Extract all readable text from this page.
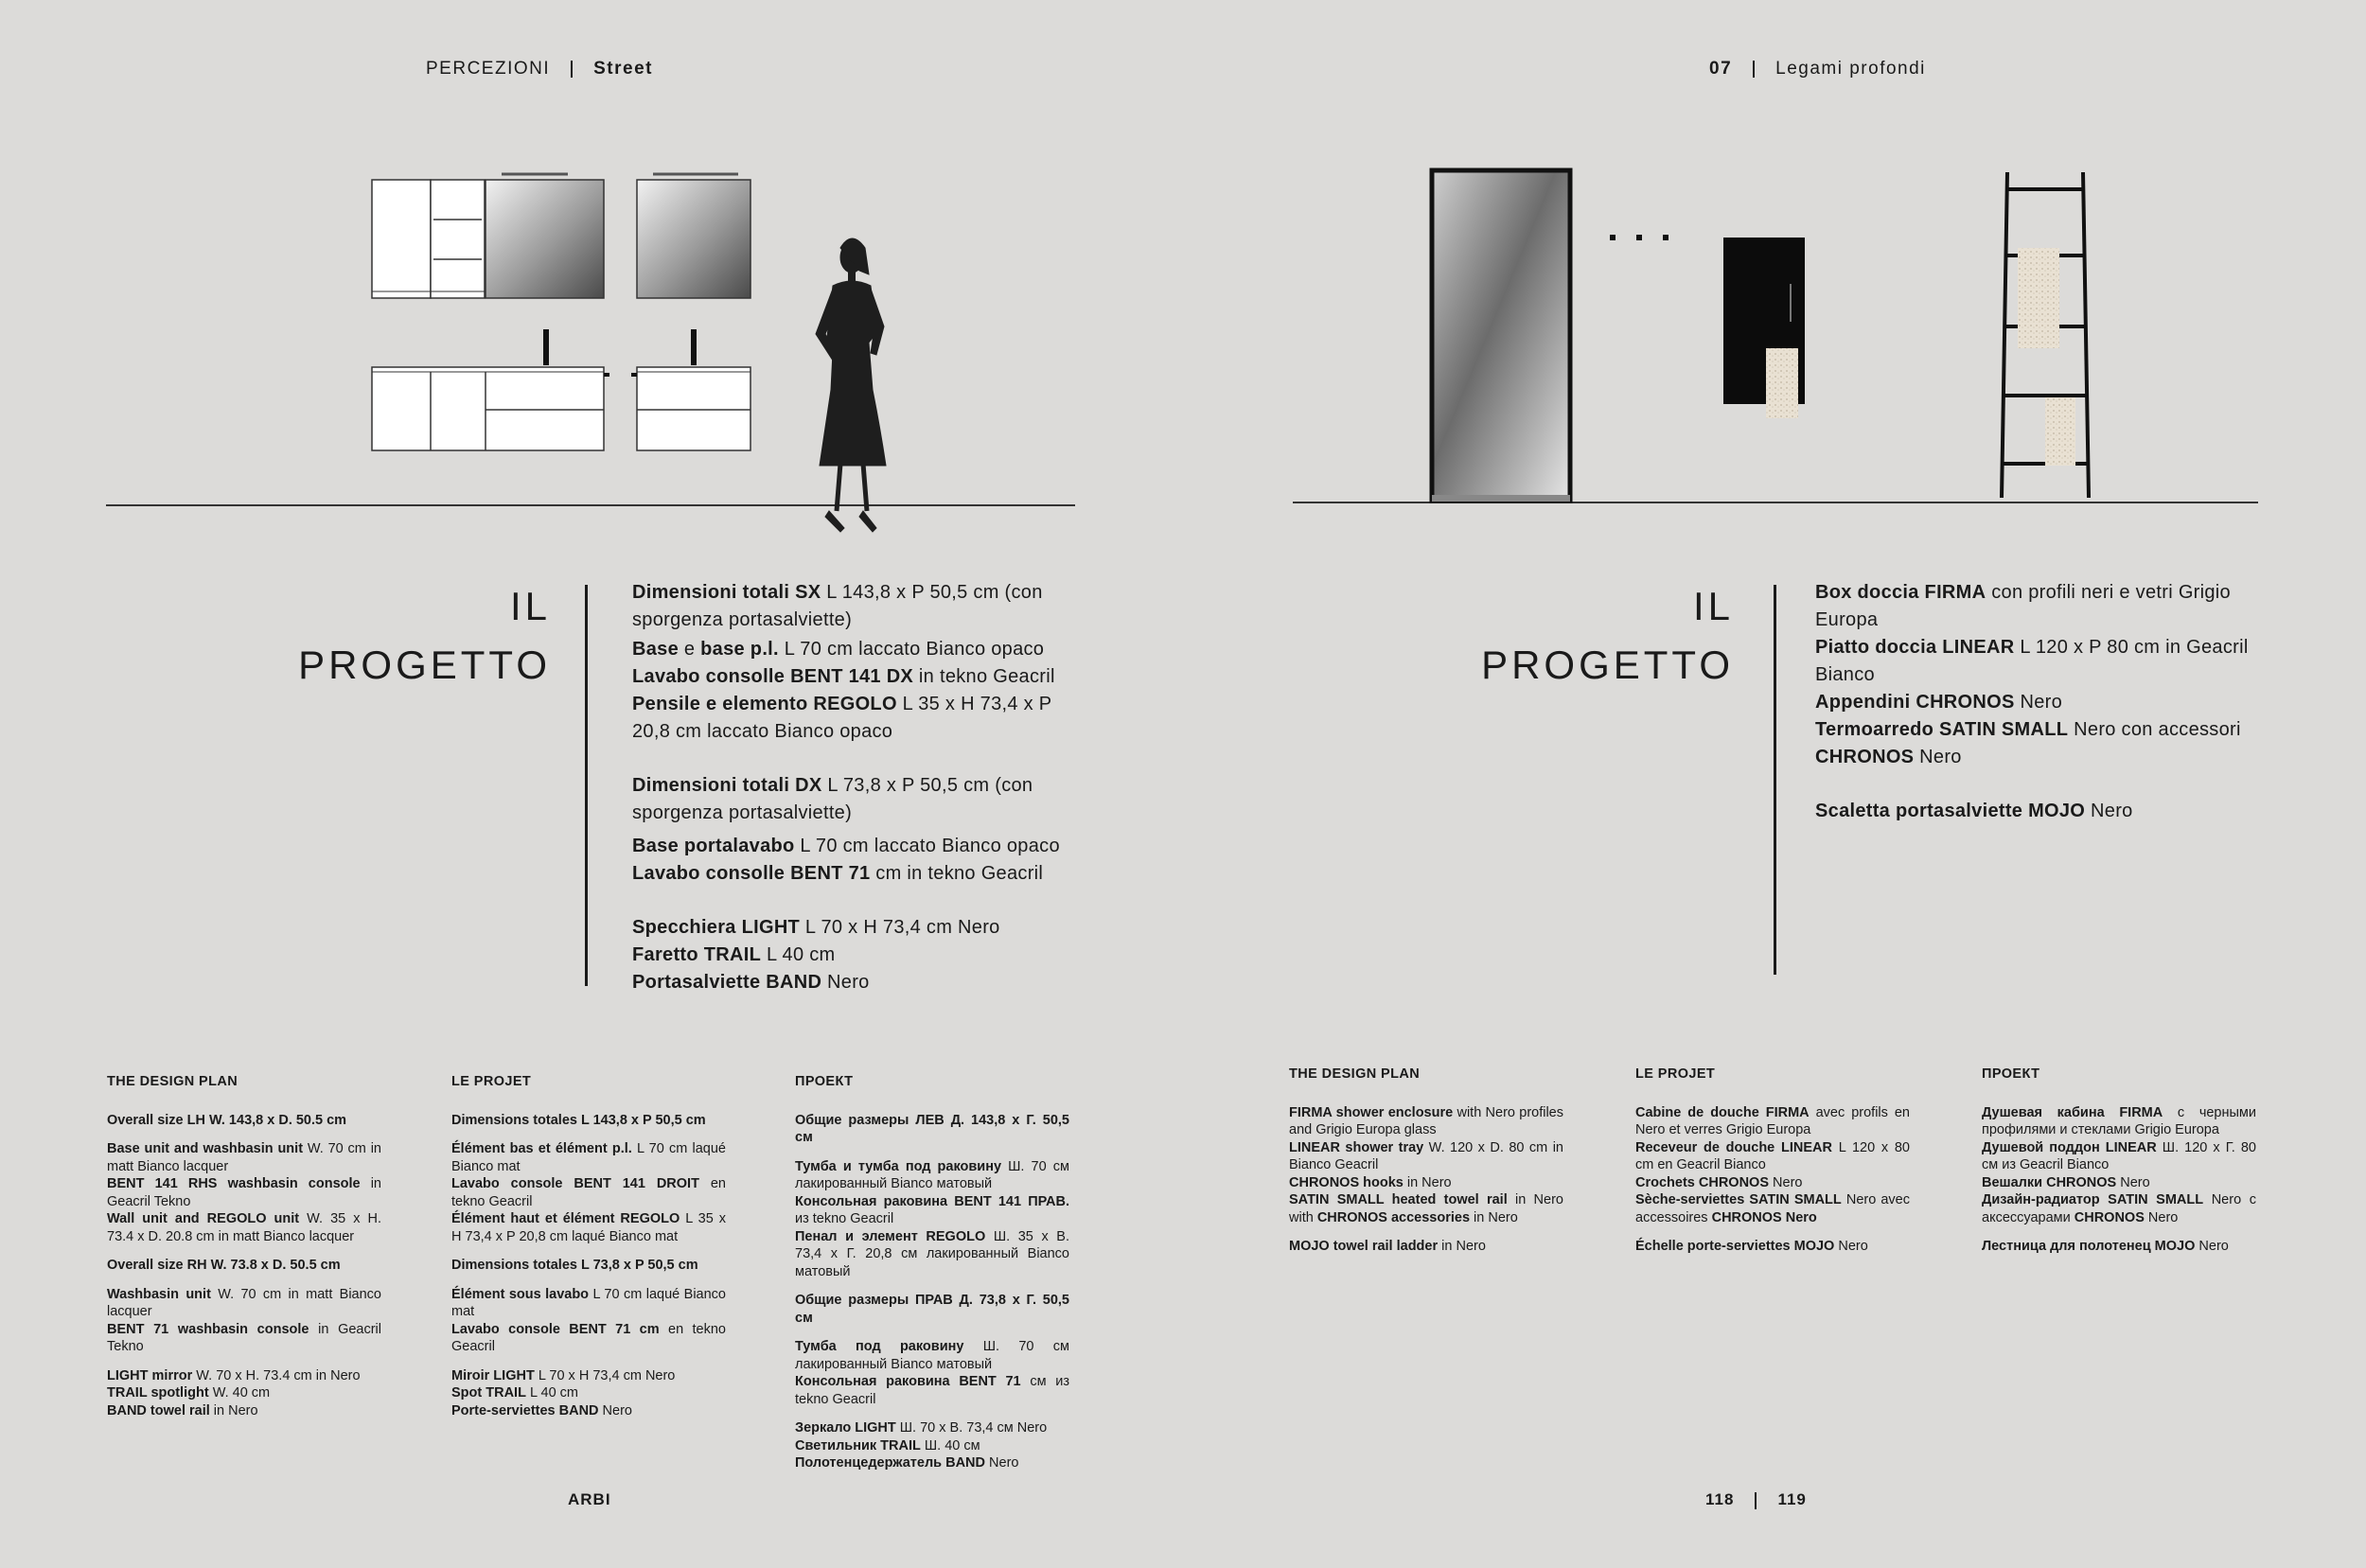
PERCEZIONI Street	07 Legami profondi
IL
PROGETTO

Dimensioni totali SX L 143,8 x P 50,5 cm (con sporgenza portasalviette)

Base e base p.l. L 70 cm laccato Bianco opaco

Lavabo consolle BENT 141 DX in tekno Geacril

Pensile e elemento REGOLO L 35 x H 73,4 x P 20,8 cm laccato Bianco opaco

Dimensioni totali DX L 73,8 x P 50,5 cm (con sporgenza portasalviette)

Base portalavabo L 70 cm laccato Bianco opaco

Lavabo consolle BENT 71 cm in tekno Geacril

Specchiera LIGHT L 70 x H 73,4 cm Nero

Faretto TRAIL L 40 cm

Portasalviette BAND Nero

IL
PROGETTO

Box doccia FIRMA con profili neri e vetri Grigio Europa

Piatto doccia LINEAR L 120 x P 80 cm in Geacril Bianco

Appendini CHRONOS Nero

Termoarredo SATIN SMALL Nero con accessori CHRONOS Nero

Scaletta portasalviette MOJO Nero

THE DESIGN PLAN

Overall size LH W. 143,8 x D. 50.5 cm

Base unit and washbasin unit W. 70 cm in matt Bianco lacquer

BENT 141 RHS washbasin console in Geacril Tekno

Wall unit and REGOLO unit W. 35 x H. 73.4 x D. 20.8 cm in matt Bianco lacquer

Overall size RH W. 73.8 x D. 50.5 cm

Washbasin unit W. 70 cm in matt Bianco lacquer

BENT 71 washbasin console in Geacril Tekno

LIGHT mirror W. 70 x H. 73.4 cm in Nero

TRAIL spotlight W. 40 cm

BAND towel rail in Nero

LE PROJET

Dimensions totales L 143,8 x P 50,5 cm

Élément bas et élément p.l. L 70 cm laqué Bianco mat

Lavabo console BENT 141 DROIT en tekno Geacril

Élément haut et élément REGOLO L 35 x H 73,4 x P 20,8 cm laqué Bianco mat

Dimensions totales L 73,8 x P 50,5 cm

Élément sous lavabo L 70 cm laqué Bianco mat

Lavabo console BENT 71 cm en tekno Geacril

Miroir LIGHT L 70 x H 73,4 cm Nero

Spot TRAIL L 40 cm

Porte-serviettes BAND Nero

ПРОЕКТ

Общие размеры ЛЕВ Д. 143,8 х Г. 50,5 см

Тумба и тумба под раковину Ш. 70 см лакированный Bianco матовый

Консольная раковина BENT 141 ПРАВ. из tekno Geacril

Пенал и элемент REGOLO Ш. 35 х В. 73,4 х Г. 20,8 см лакированный Bianco матовый

Общие размеры ПРАВ Д. 73,8 х Г. 50,5 см

Тумба под раковину Ш. 70 см лакированный Bianco матовый

Консольная раковина BENT 71 см из tekno Geacril

Зеркало LIGHT Ш. 70 х В. 73,4 см Nero

Светильник TRAIL Ш. 40 см

Полотенцедержатель BAND Nero

THE DESIGN PLAN

FIRMA shower enclosure with Nero profiles and Grigio Europa glass

LINEAR shower tray W. 120 x D. 80 cm in Bianco Geacril

CHRONOS hooks in Nero

SATIN SMALL heated towel rail in Nero with CHRONOS accessories in Nero

MOJO towel rail ladder in Nero

LE PROJET

Cabine de douche FIRMA avec profils en Nero et verres Grigio Europa

Receveur de douche LINEAR L 120 x 80 cm en Geacril Bianco

Crochets CHRONOS Nero

Sèche-serviettes SATIN SMALL Nero avec accessoires CHRONOS Nero

Échelle porte-serviettes MOJO Nero

ПРОЕКТ

Душевая кабина FIRMA с черными профилями и стеклами Grigio Europa

Душевой поддон LINEAR Ш. 120 х Г. 80 см из Geacril Bianco

Вешалки CHRONOS Nero

Дизайн-радиатор SATIN SMALL Nero с аксессуарами CHRONOS Nero

Лестница для полотенец MOJO Nero

ARBI	118	119
